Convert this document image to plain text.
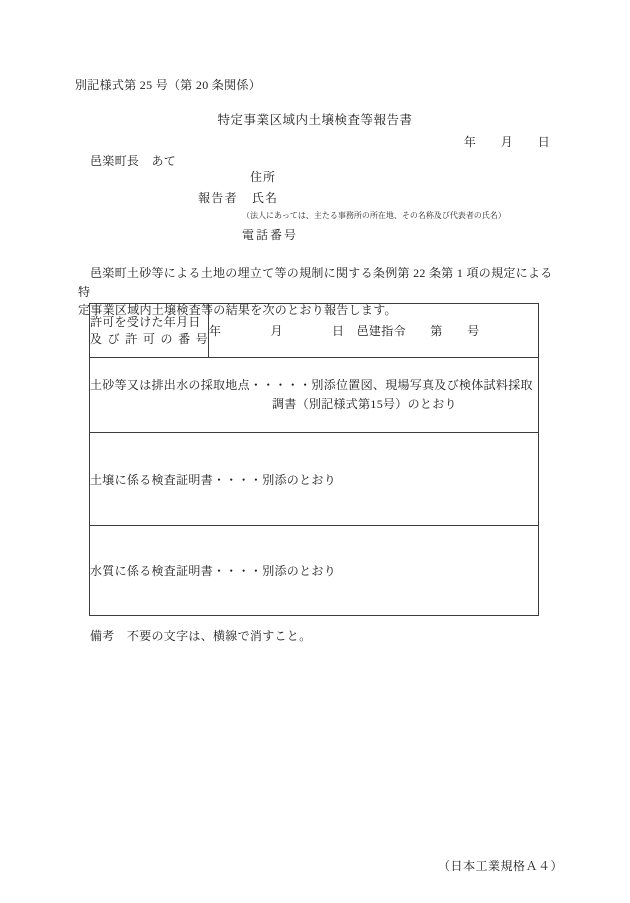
別記様式第 25 号（第 20 条関係）
特定事業区域内土壌検査等報告書
年　　月　　日
邑楽町長　あて
住所
報告者 氏名
（法人にあっては、主たる事務所の所在地、その名称及び代表者の氏名）
電話番号
邑楽町土砂等による土地の埋立て等の規制に関する条例第 22 条第 1 項の規定による特
定事業区域内土壌検査等の結果を次のとおり報告します。
許可を受けた年月日
及び許可の番号
	年　　　　月　　　　日　邑建指令　　第　　号

土砂等又は排出水の採取地点・・・・・別添位置図、現場写真及び検体試料採取
調書（別記様式第15号）のとおり

土壌に係る検査証明書・・・・別添のとおり
水質に係る検査証明書・・・・別添のとおり
備考　不要の文字は、横線で消すこと。
（日本工業規格Ａ４）
